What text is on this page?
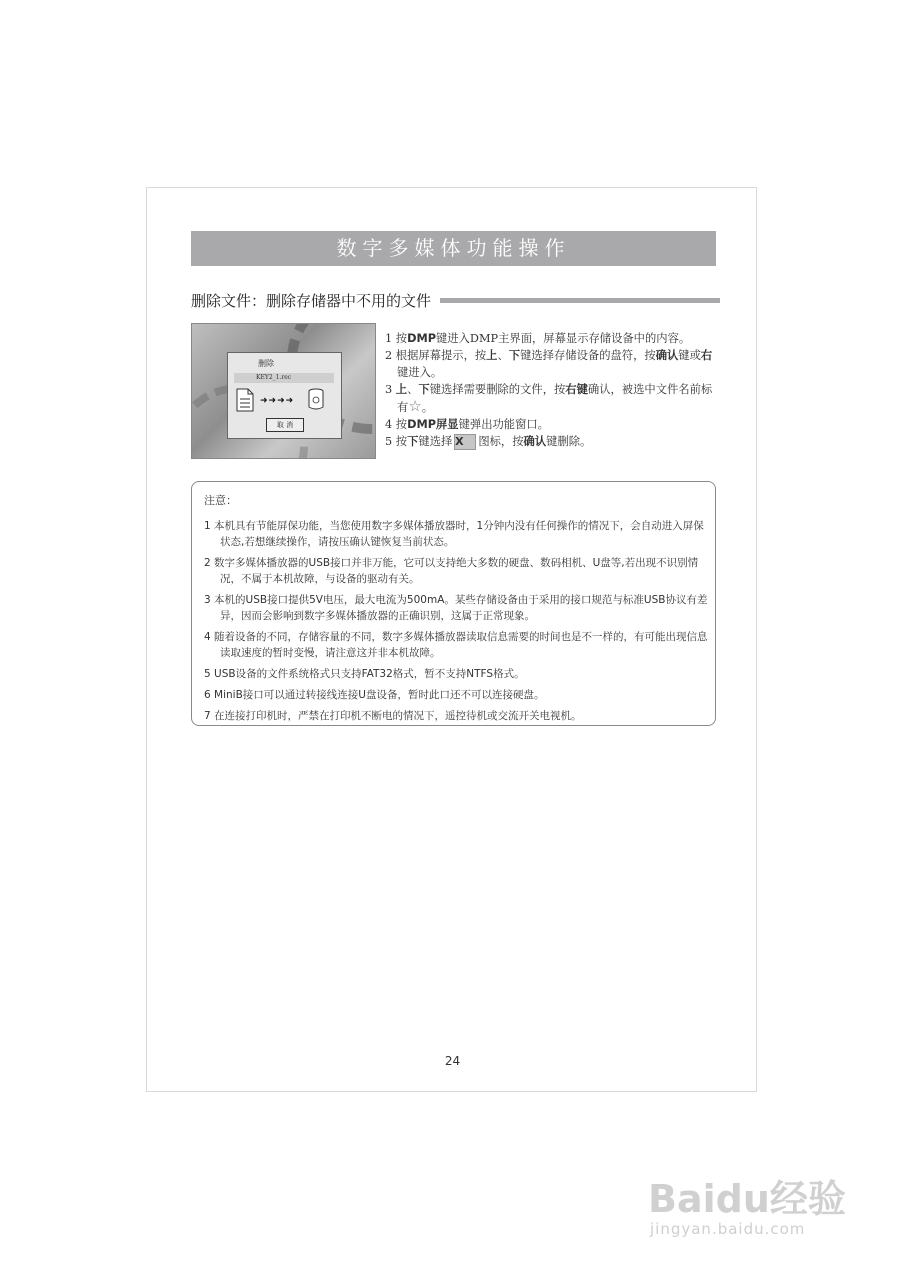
数字多媒体功能操作
删除文件：删除存储器中不用的文件
删除
KEY2_1.rec
➜➜➜➜
取 消
1 按DMP键进入DMP主界面，屏幕显示存储设备中的内容。
2 根据屏幕提示，按上、下键选择存储设备的盘符，按确认键或右键进入。
3 上、下键选择需要删除的文件，按右键确认，被选中文件名前标有☆。
4 按DMP屏显键弹出功能窗口。
5 按下键选择 X 图标，按确认键删除。
注意：
1 本机具有节能屏保功能，当您使用数字多媒体播放器时，1分钟内没有任何操作的情况下，会自动进入屏保状态,若想继续操作，请按压确认键恢复当前状态。
2 数字多媒体播放器的USB接口并非万能，它可以支持绝大多数的硬盘、数码相机、U盘等,若出现不识别情况，不属于本机故障，与设备的驱动有关。
3 本机的USB接口提供5V电压，最大电流为500mA。某些存储设备由于采用的接口规范与标准USB协议有差异，因而会影响到数字多媒体播放器的正确识别，这属于正常现象。
4 随着设备的不同，存储容量的不同，数字多媒体播放器读取信息需要的时间也是不一样的，有可能出现信息读取速度的暂时变慢，请注意这并非本机故障。
5 USB设备的文件系统格式只支持FAT32格式，暂不支持NTFS格式。
6 MiniB接口可以通过转接线连接U盘设备，暂时此口还不可以连接硬盘。
7 在连接打印机时，严禁在打印机不断电的情况下，遥控待机或交流开关电视机。
24
Baidu经验
jingyan.baidu.com
